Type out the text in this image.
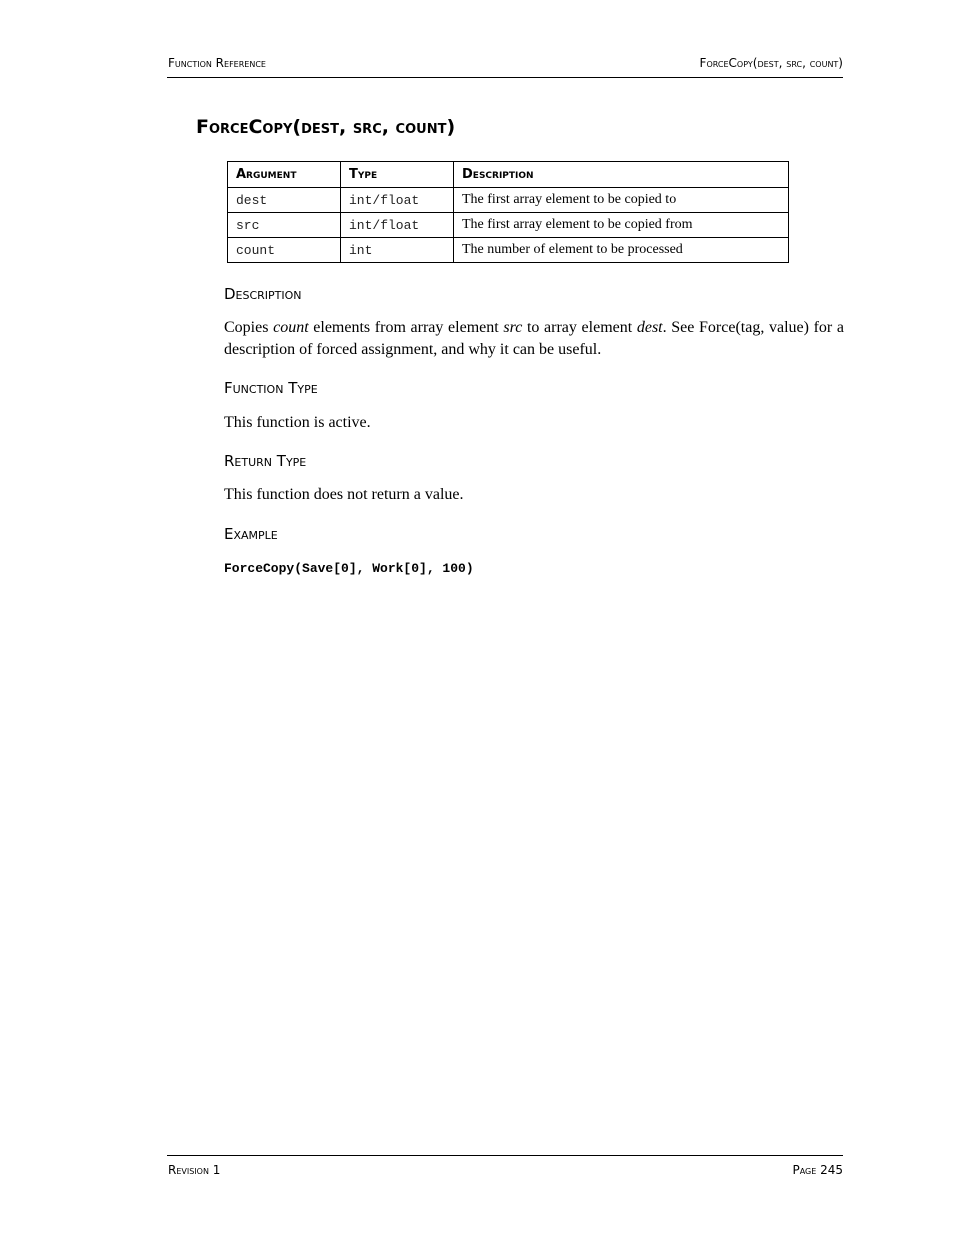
Function Reference	ForceCopy(dest, src, count)
ForceCopy(dest, src, count)
Argument	Type	Description
dest	int/float	The first array element to be copied to
src	int/float	The first array element to be copied from
count	int	The number of element to be processed
Description

Copies count elements from array element src to array element dest. See Force(tag, value) for a description of forced assignment, and why it can be useful.

Function Type

This function is active.

Return Type

This function does not return a value.

Example
ForceCopy(Save[0], Work[0], 100)
Revision 1	Page 245
